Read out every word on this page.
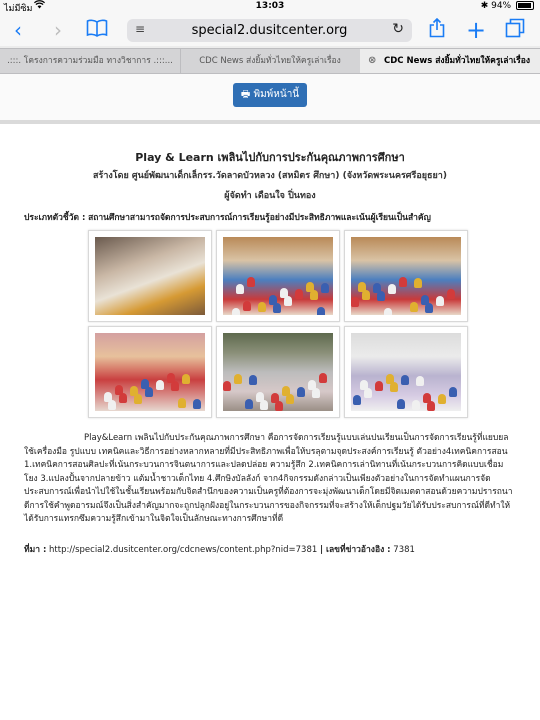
ไม่มีซิม	13:03	✱ 94%
‹ ›	≡	special2.dusitcenter.org	↻	+
.:::. โครงการความร่วมมือ ทางวิชาการ .:::...	CDC News ส่งยิ้มทั่วไทยให้ครูเล่าเรื่อง	⊗ CDC News ส่งยิ้มทั่วไทยให้ครูเล่าเรื่อง
🖶 พิมพ์หน้านี้
Play & Learn เพลินไปกับการประกันคุณภาพการศึกษา
สร้างโดย ศูนย์พัฒนาเด็กเล็กรร.วัดลาดบัวหลวง (สหมิตร ศึกษา) (จังหวัดพระนครศรีอยุธยา)
ผู้จัดทำ เดือนใจ ปิ่นทอง
ประเภทตัวชี้วัด : สถานศึกษาสามารถจัดการประสบการณ์การเรียนรู้อย่างมีประสิทธิภาพและเน้นผู้เรียนเป็นสำคัญ
Play&Learn เพลินไปกับประกันคุณภาพการศึกษา คือการจัดการเรียนรู้แบบเล่นปนเรียนเป็นการจัดการเรียนรู้ที่แยบยลใช้เครื่องมือ รูปแบบ เทคนิคและวิธีการอย่างหลากหลายที่มีประสิทธิภาพเพื่อให้บรลุตามจุดประสงค์การเรียนรู้ ตัวอย่าง4เทคนิคการสอน 1.เทคนิคการสอนศิลปะที่เน้นกระบวนการจินตนาการและปลดปล่อย ความรู้สึก 2.เทคนิคการเล่านิทานที่เน้นกระบวนการคิดแบบเชื่อมโยง 3.แปลงปั้นจากปลายข้าว แต้มน้ำชาวเด็กไทย 4.ศึกษิงบัลลังก์ จาก4กิจกรรมดังกล่าวเป็นเพียงตัวอย่างในการจัดทำแผนการจัดประสบการณ์เพื่อนำไปใช้ในชั้นเรียนพร้อมกับจิตสำนึกของความเป็นครูที่ต้องการจะมุ่งพัฒนาเด็กโดยมีจิตเมตตาสอนด้วยความปรารถนาดีการใช้คำพูดอารมณ์จึงเป็นสิ่งสำคัญมากจะถูกปลูกฝังอยู่ในกระบวนการของกิจกรรมที่จะสร้างให้เด็กปฐมวัยได้รับประสบการณ์ที่ดีทำให้ได้รับการแทรกซึมความรู้สึกเข้ามาในจิตใจเป็นลักษณะทางการศึกษาที่ดี
ที่มา : http://special2.dusitcenter.org/cdcnews/content.php?nid=7381 | เลขที่ข่าวอ้างอิง : 7381
